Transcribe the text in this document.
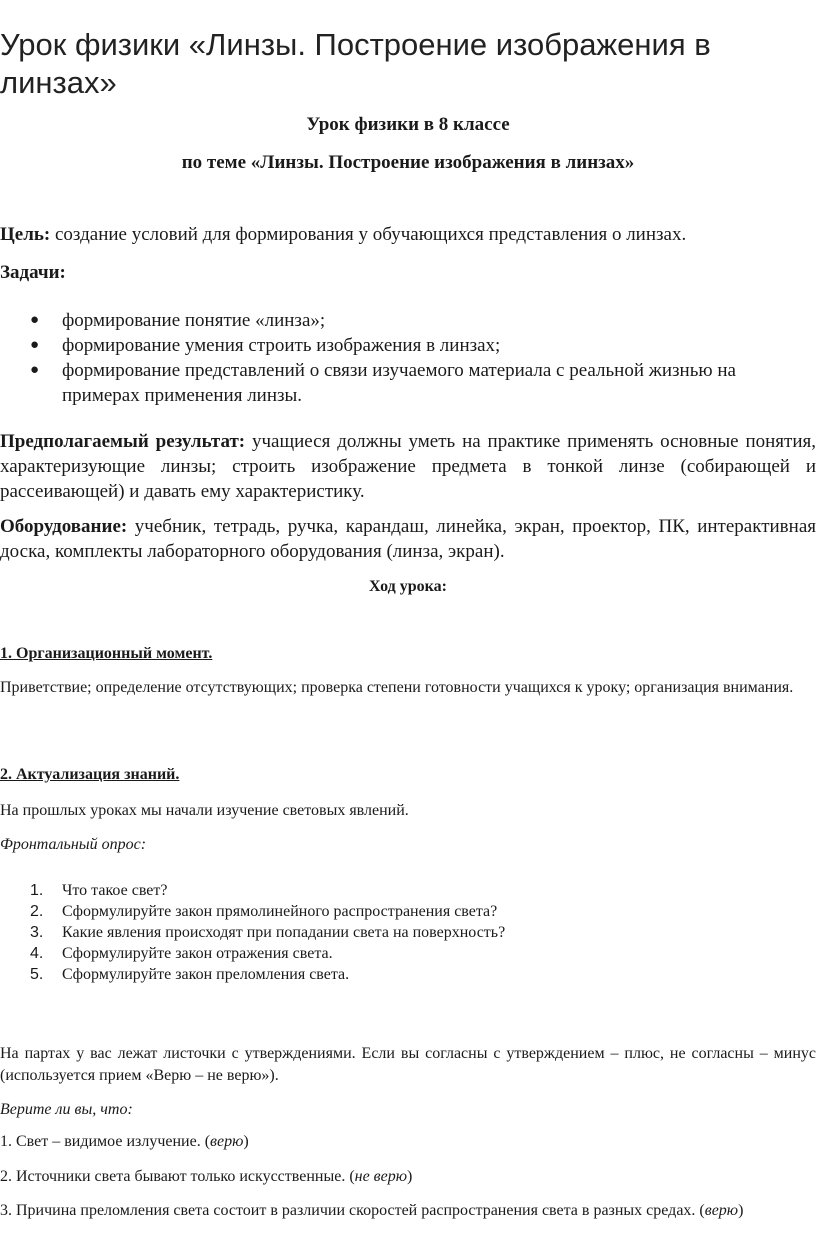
Урок физики «Линзы. Построение изображения в линзах»
Урок физики в 8 классе
по теме «Линзы. Построение изображения в линзах»
Цель: создание условий для формирования у обучающихся представления о линзах.
Задачи:
● формирование понятие «линза»;
● формирование умения строить изображения в линзах;
● формирование представлений о связи изучаемого материала с реальной жизнью на примерах применения линзы.
Предполагаемый результат: учащиеся должны уметь на практике применять основные понятия, характеризующие линзы; строить изображение предмета в тонкой линзе (собирающей и рассеивающей) и давать ему характеристику.
Оборудование: учебник, тетрадь, ручка, карандаш, линейка, экран, проектор, ПК, интерактивная доска, комплекты лабораторного оборудования (линза, экран).
Ход урока:
1. Организационный момент.
Приветствие; определение отсутствующих; проверка степени готовности учащихся к уроку; организация внимания.
2. Актуализация знаний.
На прошлых уроках мы начали изучение световых явлений.
Фронтальный опрос:
1. Что такое свет?
2. Сформулируйте закон прямолинейного распространения света?
3. Какие явления происходят при попадании света на поверхность?
4. Сформулируйте закон отражения света.
5. Сформулируйте закон преломления света.
На партах у вас лежат листочки с утверждениями. Если вы согласны с утверждением – плюс, не согласны – минус (используется прием «Верю – не верю»).
Верите ли вы, что:
1. Свет – видимое излучение. (верю)
2. Источники света бывают только искусственные. (не верю)
3. Причина преломления света состоит в различии скоростей распространения света в разных средах. (верю)
